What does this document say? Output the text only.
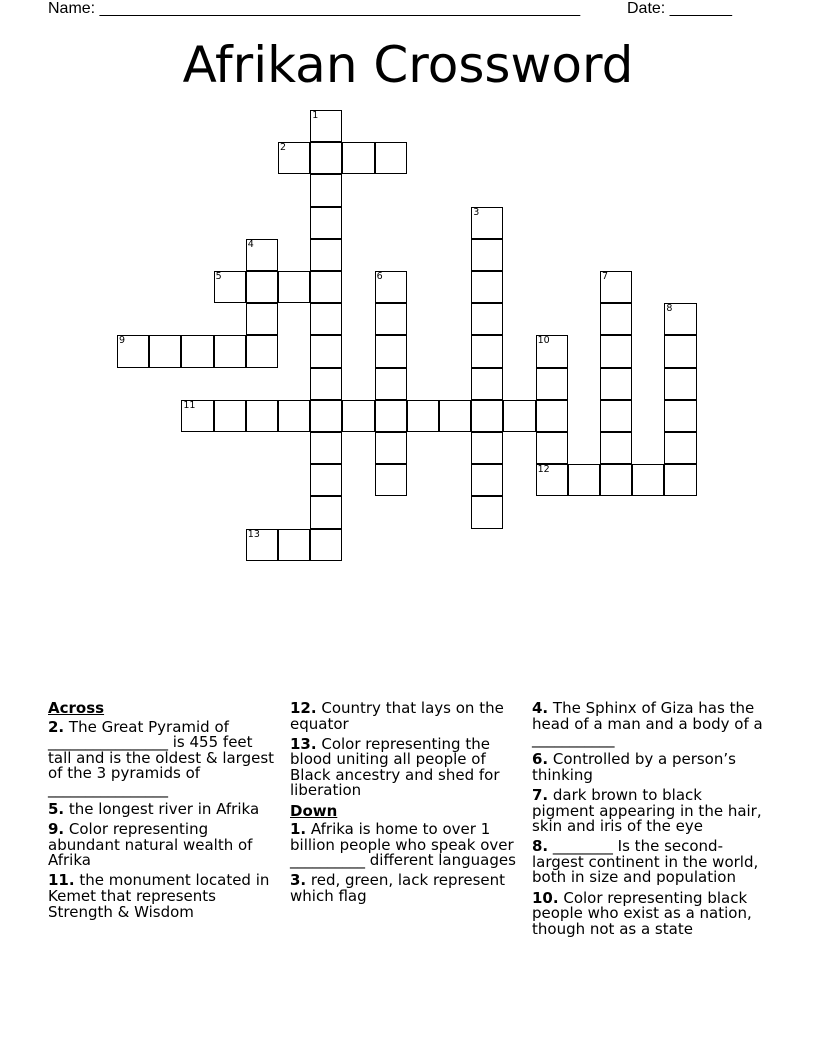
Name: ______________________________________________________	Date: _______
Afrikan Crossword
1
2
3
4
5	6	7
8
9	10
11
12
13
Across
2. The Great Pyramid of ________________ is 455 feet tall and is the oldest & largest of the 3 pyramids of ________________
5. the longest river in Afrika
9. Color representing abundant natural wealth of Afrika
11. the monument located in Kemet that represents Strength & Wisdom
12. Country that lays on the equator
13. Color representing the blood uniting all people of Black ancestry and shed for liberation
Down
1. Afrika is home to over 1 billion people who speak over __________ different languages
3. red, green, lack represent which flag
4. The Sphinx of Giza has the head of a man and a body of a ___________
6. Controlled by a person’s thinking
7. dark brown to black pigment appearing in the hair, skin and iris of the eye
8. ________ Is the second-largest continent in the world, both in size and population
10. Color representing black people who exist as a nation, though not as a state
